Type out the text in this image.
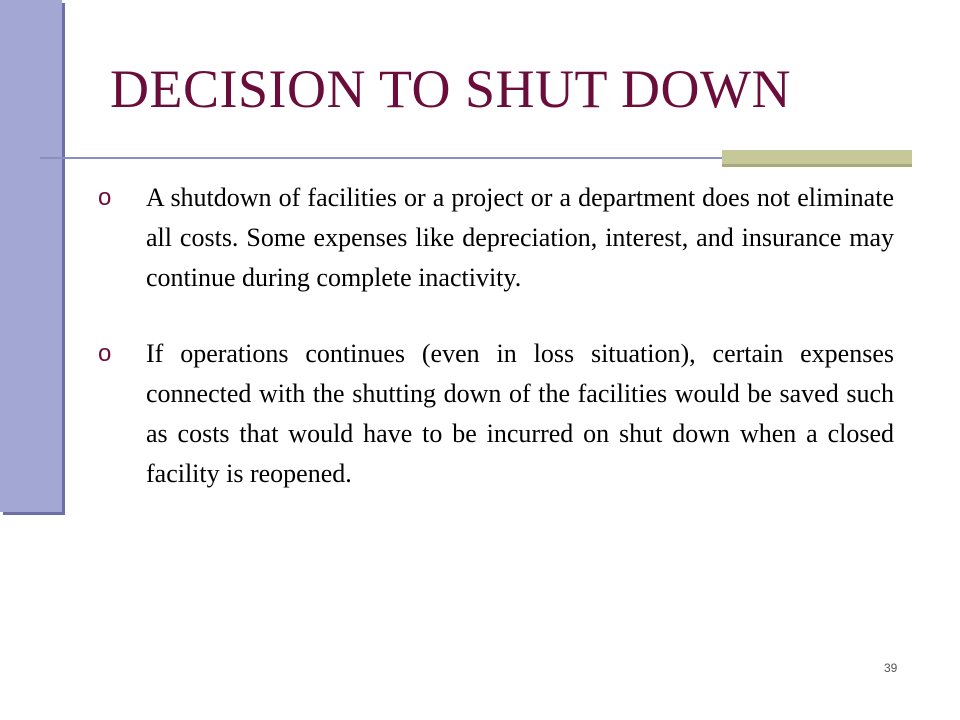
DECISION TO SHUT DOWN
o	A shutdown of facilities or a project or a department does not eliminate all costs. Some expenses like depreciation, interest, and insurance may continue during complete inactivity.
o	If operations continues (even in loss situation), certain expenses connected with the shutting down of the facilities would be saved such as costs that would have to be incurred on shut down when a closed facility is reopened.
39
